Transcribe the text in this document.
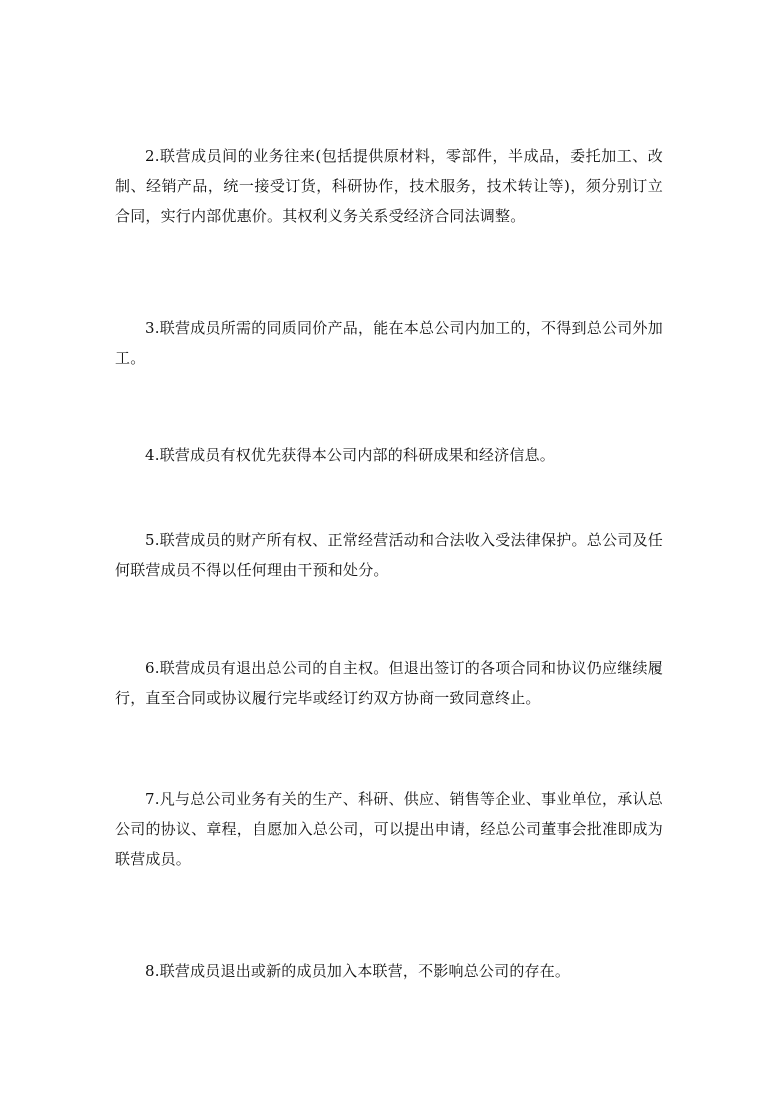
2.联营成员间的业务往来(包括提供原材料，零部件，半成品，委托加工、改制、经销产品，统一接受订货，科研协作，技术服务，技术转让等)，须分别订立合同，实行内部优惠价。其权利义务关系受经济合同法调整。

3.联营成员所需的同质同价产品，能在本总公司内加工的，不得到总公司外加工。

4.联营成员有权优先获得本公司内部的科研成果和经济信息。

5.联营成员的财产所有权、正常经营活动和合法收入受法律保护。总公司及任何联营成员不得以任何理由干预和处分。

6.联营成员有退出总公司的自主权。但退出签订的各项合同和协议仍应继续履行，直至合同或协议履行完毕或经订约双方协商一致同意终止。

7.凡与总公司业务有关的生产、科研、供应、销售等企业、事业单位，承认总公司的协议、章程，自愿加入总公司，可以提出申请，经总公司董事会批准即成为联营成员。

8.联营成员退出或新的成员加入本联营，不影响总公司的存在。
